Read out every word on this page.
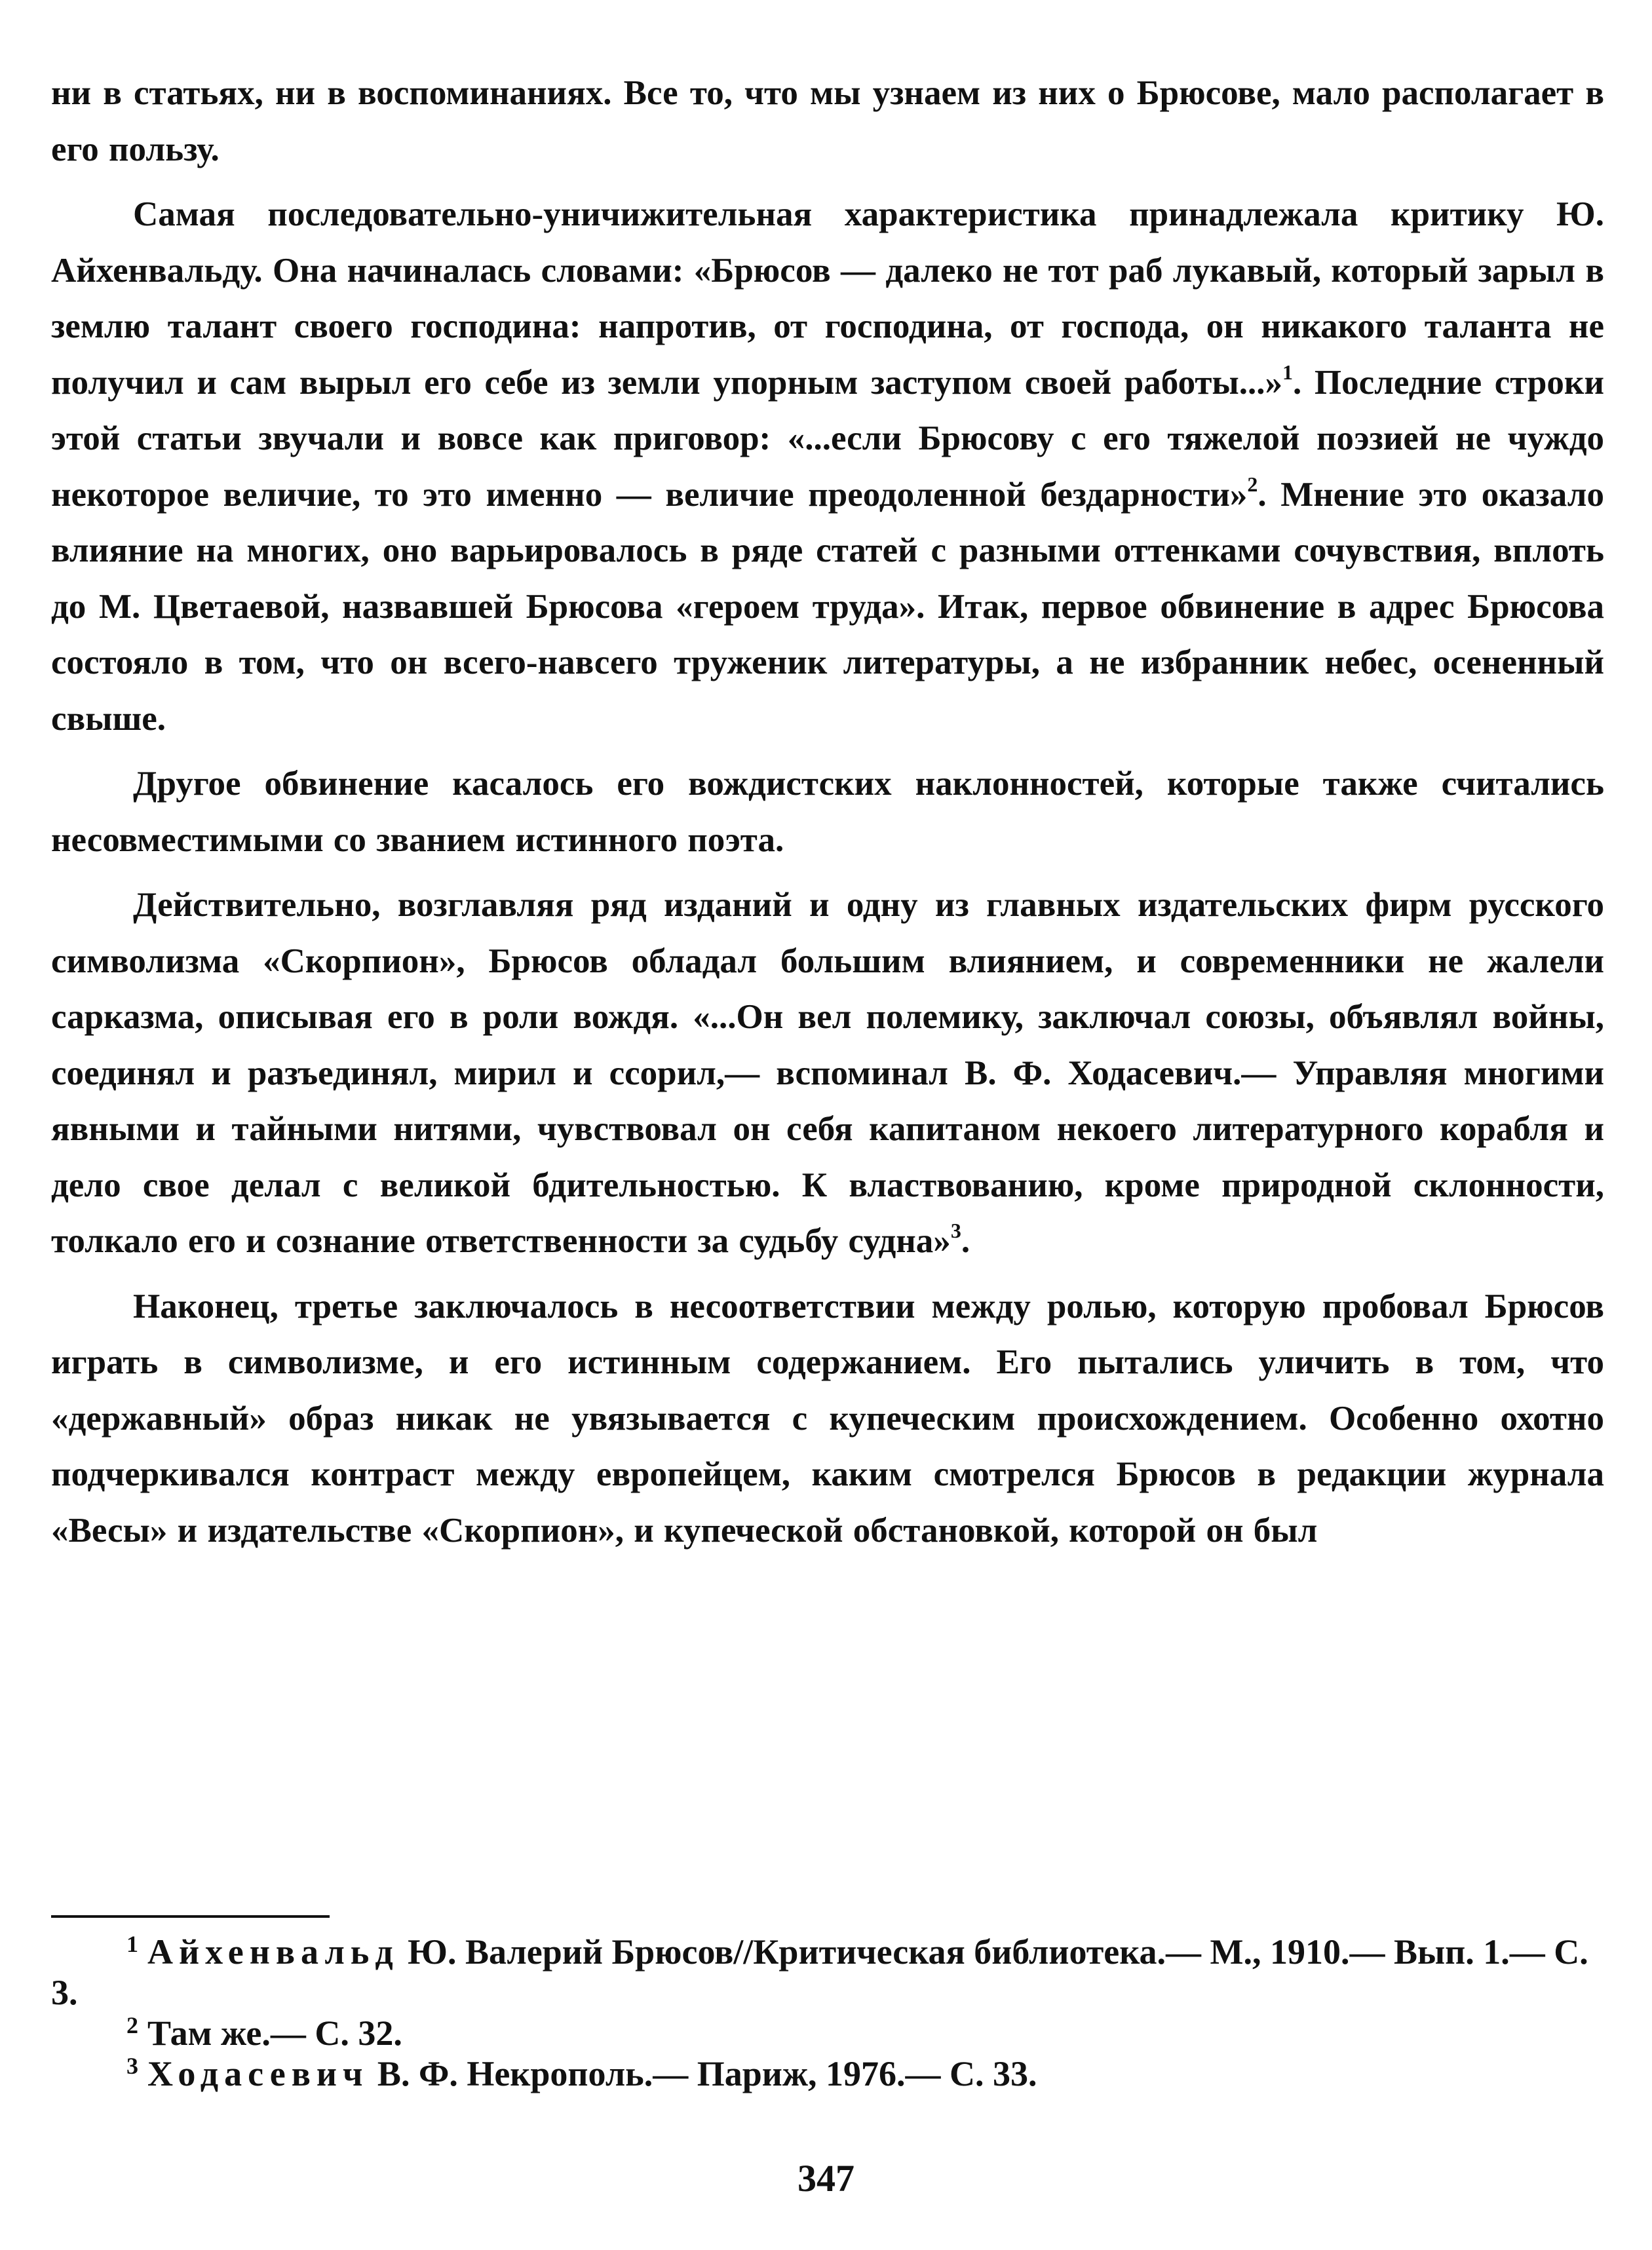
ни в статьях, ни в воспоминаниях. Все то, что мы узнаем из них о Брюсове, мало располагает в его пользу.

Самая последовательно-уничижительная характеристика принадлежала критику Ю. Айхенвальду. Она начиналась словами: «Брюсов — далеко не тот раб лукавый, который зарыл в землю талант своего господина: напротив, от господина, от господа, он никакого таланта не получил и сам вырыл его себе из земли упорным заступом своей работы...»$^1$. Последние строки этой статьи звучали и вовсе как приговор: «...если Брюсову с его тяжелой поэзией не чуждо некоторое величие, то это именно — величие преодоленной бездарности»$^2$. Мнение это оказало влияние на многих, оно варьировалось в ряде статей с разными оттенками сочувствия, вплоть до М. Цветаевой, назвавшей Брюсова «героем труда». Итак, первое обвинение в адрес Брюсова состояло в том, что он всего-навсего труженик литературы, а не избранник небес, осененный свыше.

Другое обвинение касалось его вождистских наклонностей, которые также считались несовместимыми со званием истинного поэта.

Действительно, возглавляя ряд изданий и одну из главных издательских фирм русского символизма «Скорпион», Брюсов обладал большим влиянием, и современники не жалели сарказма, описывая его в роли вождя. «...Он вел полемику, заключал союзы, объявлял войны, соединял и разъединял, мирил и ссорил,— вспоминал В. Ф. Ходасевич.— Управляя многими явными и тайными нитями, чувствовал он себя капитаном некоего литературного корабля и дело свое делал с великой бдительностью. К властвованию, кроме природной склонности, толкало его и сознание ответственности за судьбу судна»$^3$.

Наконец, третье заключалось в несоответствии между ролью, которую пробовал Брюсов играть в символизме, и его истинным содержанием. Его пытались уличить в том, что «державный» образ никак не увязывается с купеческим происхождением. Особенно охотно подчеркивался контраст между европейцем, каким смотрелся Брюсов в редакции журнала «Весы» и издательстве «Скорпион», и купеческой обстановкой, которой он был

$^1$ Айхенвальд Ю. Валерий Брюсов//Критическая библиотека.— М., 1910.— Вып. 1.— С. 3.

$^2$ Там же.— С. 32.

$^3$ Ходасевич В. Ф. Некрополь.— Париж, 1976.— С. 33.

347
